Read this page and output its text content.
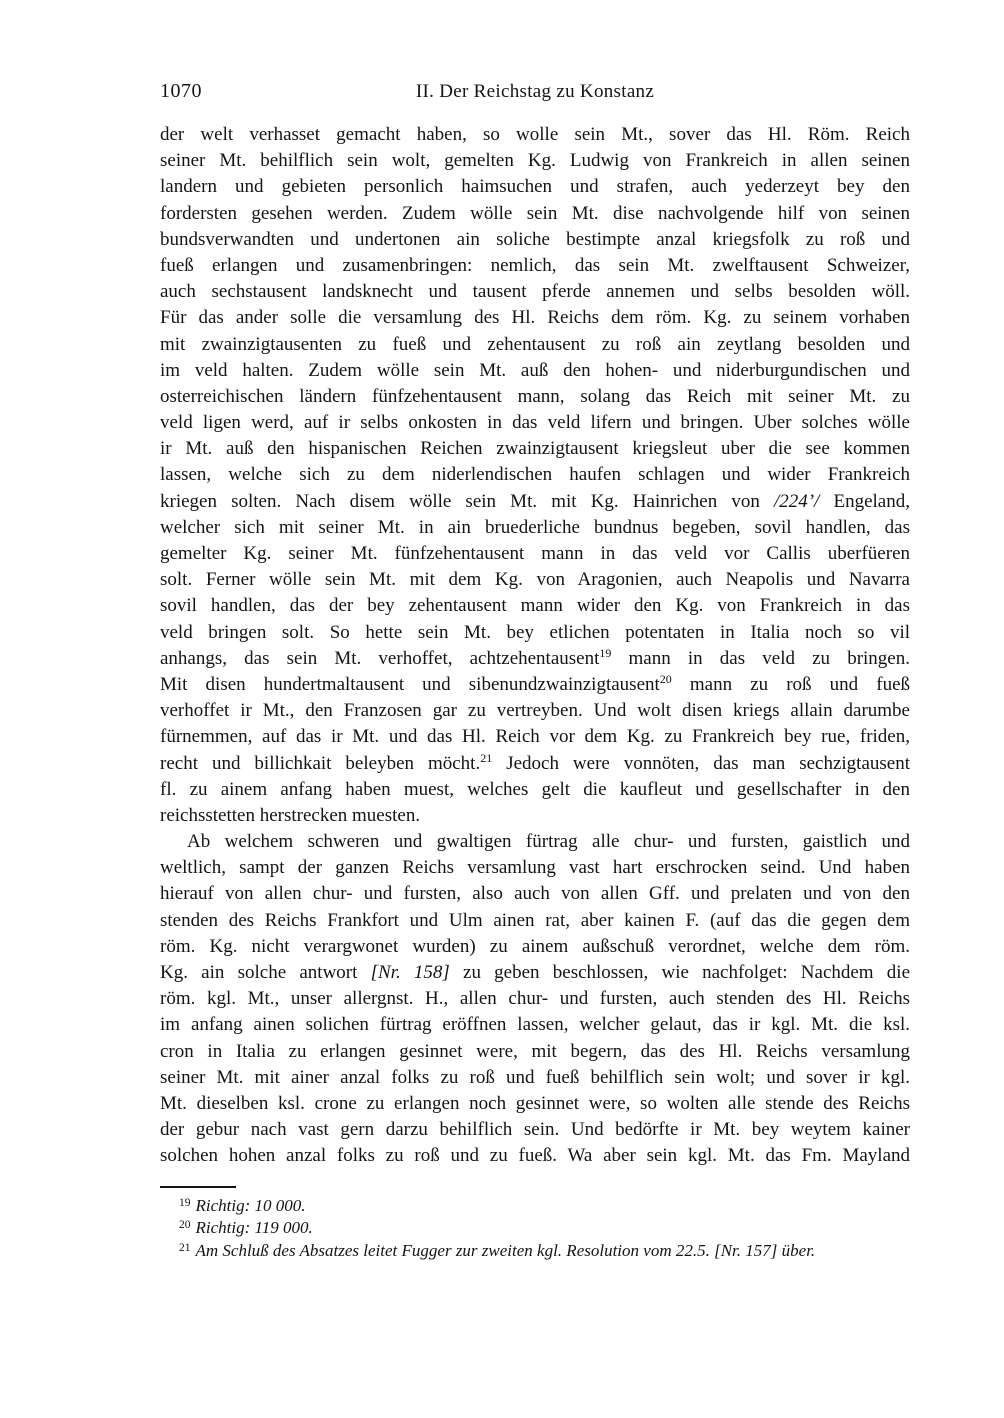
1070	II. Der Reichstag zu Konstanz
der welt verhasset gemacht haben, so wolle sein Mt., sover das Hl. Röm. Reich
seiner Mt. behilflich sein wolt, gemelten Kg. Ludwig von Frankreich in allen seinen
landern und gebieten personlich haimsuchen und strafen, auch yederzeyt bey den
fordersten gesehen werden. Zudem wölle sein Mt. dise nachvolgende hilf von seinen
bundsverwandten und undertonen ain soliche bestimpte anzal kriegsfolk zu roß und
fueß erlangen und zusamenbringen: nemlich, das sein Mt. zwelftausent Schweizer,
auch sechstausent landsknecht und tausent pferde annemen und selbs besolden wöll.
Für das ander solle die versamlung des Hl. Reichs dem röm. Kg. zu seinem vorhaben
mit zwainzigtausenten zu fueß und zehentausent zu roß ain zeytlang besolden und
im veld halten. Zudem wölle sein Mt. auß den hohen- und niderburgundischen und
osterreichischen ländern fünfzehentausent mann, solang das Reich mit seiner Mt. zu
veld ligen werd, auf ir selbs onkosten in das veld lifern und bringen. Uber solches wölle
ir Mt. auß den hispanischen Reichen zwainzigtausent kriegsleut uber die see kommen
lassen, welche sich zu dem niderlendischen haufen schlagen und wider Frankreich
kriegen solten. Nach disem wölle sein Mt. mit Kg. Hainrichen von /224’/ Engeland,
welcher sich mit seiner Mt. in ain bruederliche bundnus begeben, sovil handlen, das
gemelter Kg. seiner Mt. fünfzehentausent mann in das veld vor Callis uberfüeren
solt. Ferner wölle sein Mt. mit dem Kg. von Aragonien, auch Neapolis und Navarra
sovil handlen, das der bey zehentausent mann wider den Kg. von Frankreich in das
veld bringen solt. So hette sein Mt. bey etlichen potentaten in Italia noch so vil
anhangs, das sein Mt. verhoffet, achtzehentausent$^{19}$ mann in das veld zu bringen.
Mit disen hundertmaltausent und sibenundzwainzigtausent$^{20}$ mann zu roß und fueß
verhoffet ir Mt., den Franzosen gar zu vertreyben. Und wolt disen kriegs allain darumbe
fürnemmen, auf das ir Mt. und das Hl. Reich vor dem Kg. zu Frankreich bey rue, friden,
recht und billichkait beleyben möcht.$^{21}$ Jedoch were vonnöten, das man sechzigtausent
fl. zu ainem anfang haben muest, welches gelt die kaufleut und gesellschafter in den
reichsstetten herstrecken muesten.
Ab welchem schweren und gwaltigen fürtrag alle chur- und fursten, gaistlich und
weltlich, sampt der ganzen Reichs versamlung vast hart erschrocken seind. Und haben
hierauf von allen chur- und fursten, also auch von allen Gff. und prelaten und von den
stenden des Reichs Frankfort und Ulm ainen rat, aber kainen F. (auf das die gegen dem
röm. Kg. nicht verargwonet wurden) zu ainem außschuß verordnet, welche dem röm.
Kg. ain solche antwort [Nr. 158] zu geben beschlossen, wie nachfolget: Nachdem die
röm. kgl. Mt., unser allergnst. H., allen chur- und fursten, auch stenden des Hl. Reichs
im anfang ainen solichen fürtrag eröffnen lassen, welcher gelaut, das ir kgl. Mt. die ksl.
cron in Italia zu erlangen gesinnet were, mit begern, das des Hl. Reichs versamlung
seiner Mt. mit ainer anzal folks zu roß und fueß behilflich sein wolt; und sover ir kgl.
Mt. dieselben ksl. crone zu erlangen noch gesinnet were, so wolten alle stende des Reichs
der gebur nach vast gern darzu behilflich sein. Und bedörfte ir Mt. bey weytem kainer
solchen hohen anzal folks zu roß und zu fueß. Wa aber sein kgl. Mt. das Fm. Mayland
$^{19}$ Richtig: 10 000.
$^{20}$ Richtig: 119 000.
$^{21}$ Am Schluß des Absatzes leitet Fugger zur zweiten kgl. Resolution vom 22.5. [Nr. 157] über.
